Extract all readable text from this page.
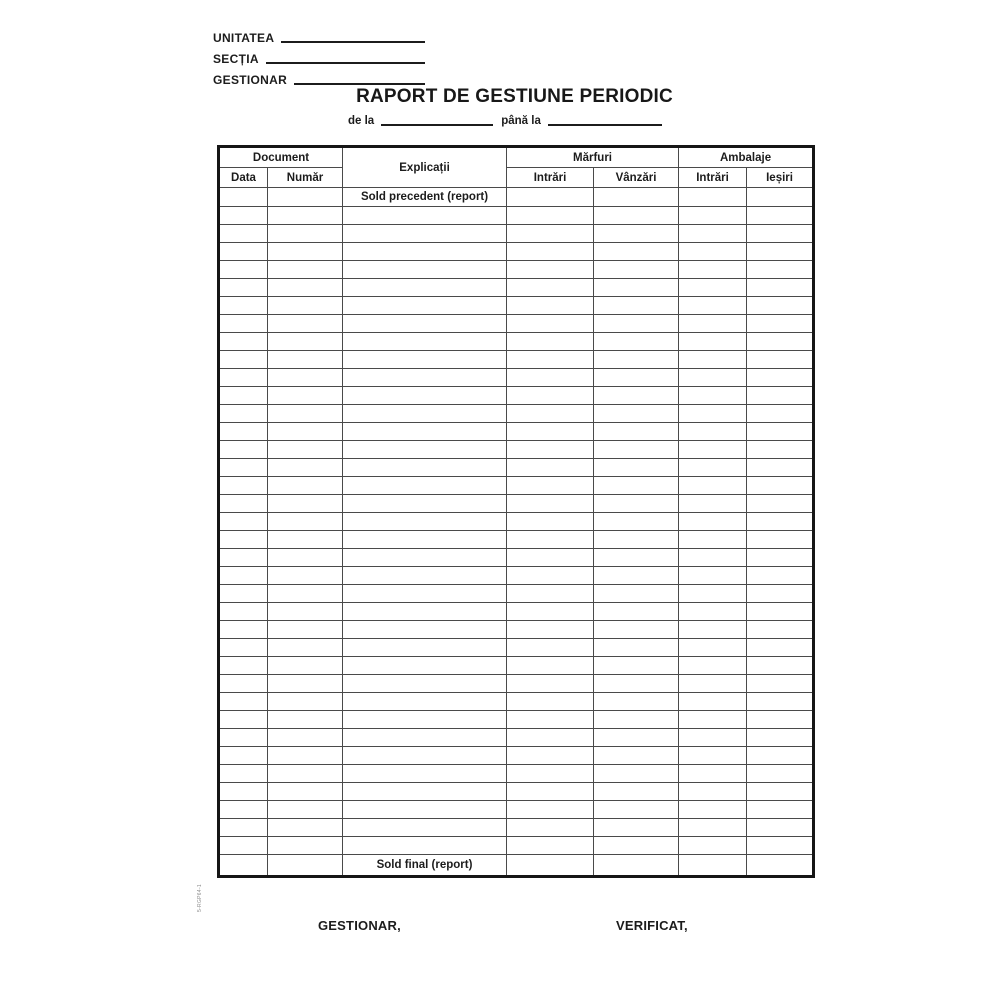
UNITATEA
SECȚIA
GESTIONAR
RAPORT DE GESTIUNE PERIODIC
de la	până la
Document		Explicații	Mărfuri		Ambalaje	
Data	Număr		Intrări	Vânzări	Intrări	Ieșiri
		Sold precedent (report)				

		Sold final (report)				
5-RGP64-1
GESTIONAR,	VERIFICAT,
